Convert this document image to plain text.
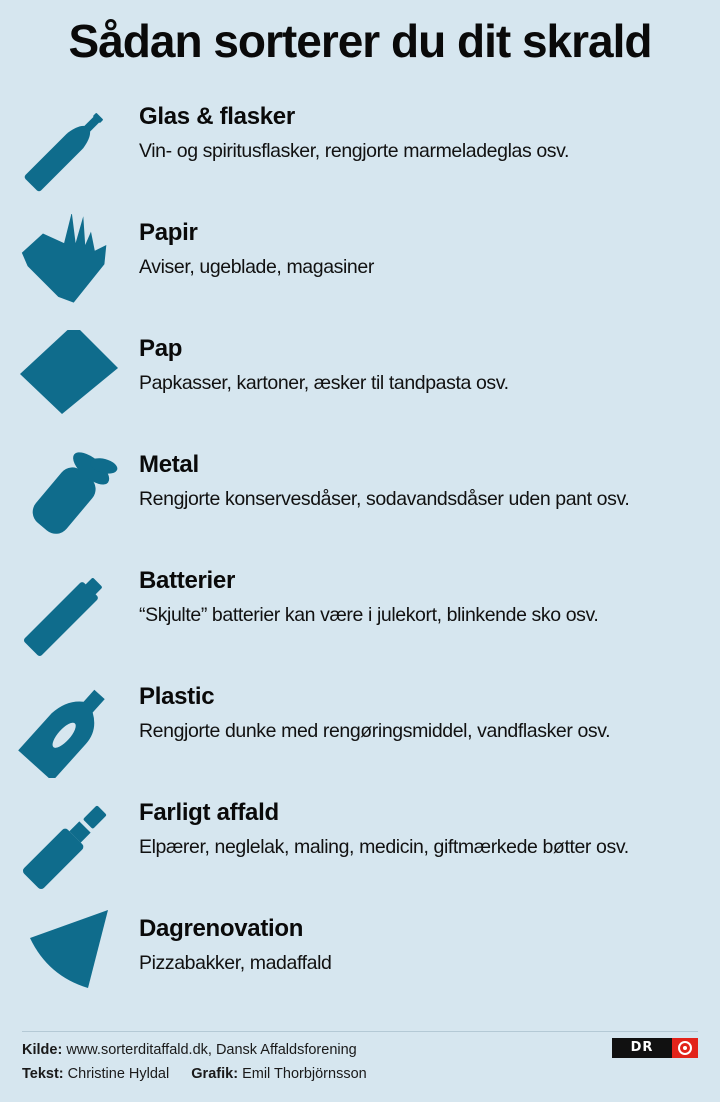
Sådan sorterer du dit skrald
Glas & flasker
Vin- og spiritusflasker, rengjorte marmeladeglas osv.
Papir
Aviser, ugeblade, magasiner
Pap
Papkasser, kartoner, æsker til tandpasta osv.
Metal
Rengjorte konservesdåser, sodavandsdåser uden pant osv.
Batterier
“Skjulte” batterier kan være i julekort, blinkende sko osv.
Plastic
Rengjorte dunke med rengøringsmiddel, vandflasker osv.
Farligt affald
Elpærer, neglelak, maling, medicin, giftmærkede bøtter osv.
Dagrenovation
Pizzabakker, madaffald
Kilde: www.sorterditaffald.dk, Dansk Affaldsforening
Tekst: Christine Hyldal Grafik: Emil Thorbjörnsson
DR
